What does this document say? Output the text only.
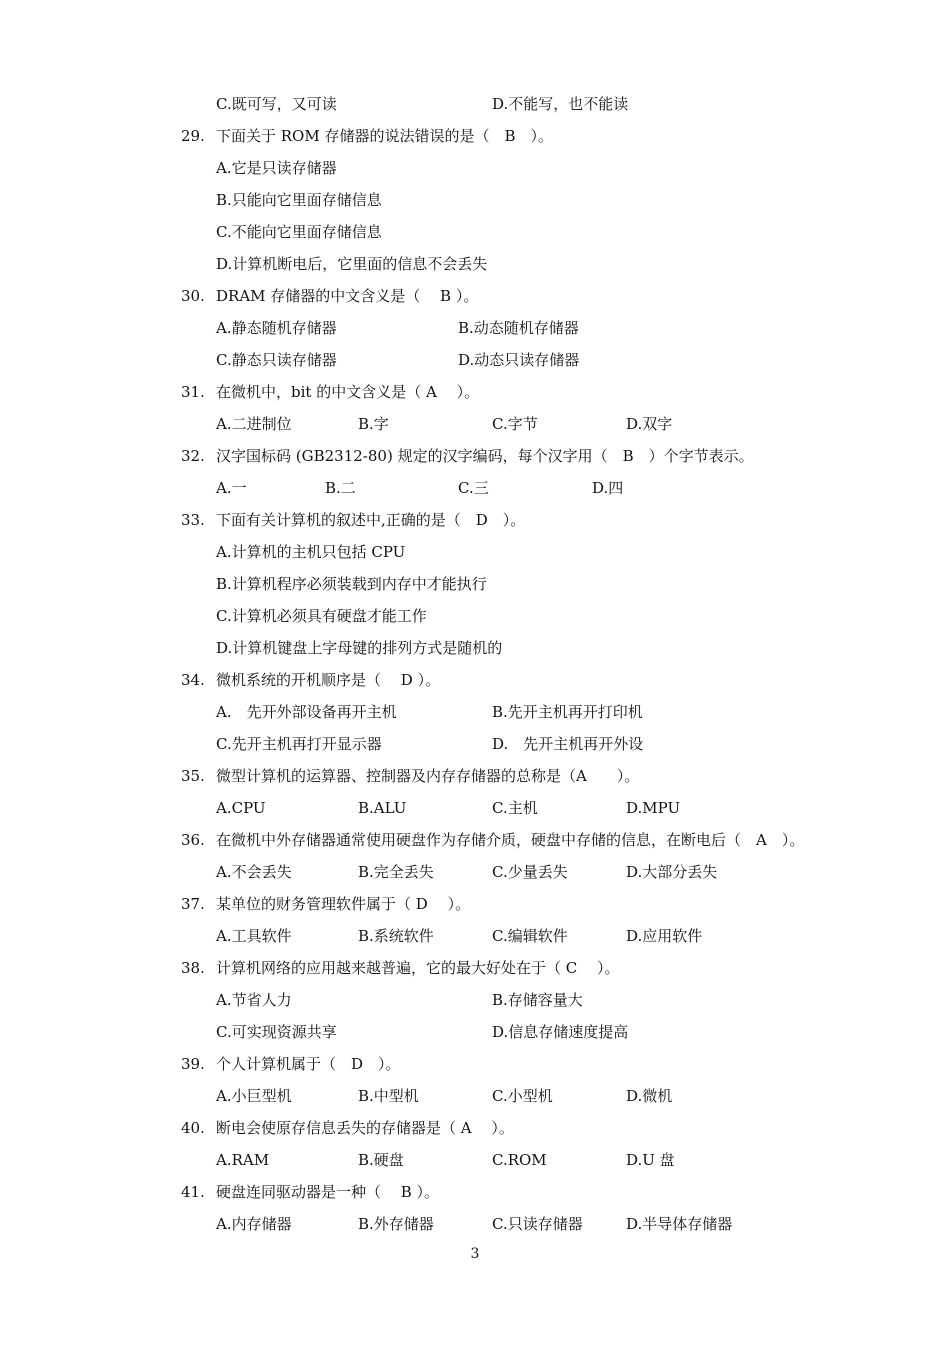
C.既可写，又可读	D.不能写，也不能读
29. 下面关于 ROM 存储器的说法错误的是（　B　）。
A.它是只读存储器
B.只能向它里面存储信息
C.不能向它里面存储信息
D.计算机断电后，它里面的信息不会丢失
30. DRAM 存储器的中文含义是（　 B ）。
A.静态随机存储器	B.动态随机存储器
C.静态只读存储器	D.动态只读存储器
31. 在微机中，bit 的中文含义是（ A　 ）。
A.二进制位	B.字	C.字节	D.双字
32. 汉字国标码 (GB2312-80) 规定的汉字编码，每个汉字用（　B　）个字节表示。
A.一	B.二	C.三	D.四
33. 下面有关计算机的叙述中,正确的是（　D　）。
A.计算机的主机只包括 CPU
B.计算机程序必须装载到内存中才能执行
C.计算机必须具有硬盘才能工作
D.计算机键盘上字母键的排列方式是随机的
34. 微机系统的开机顺序是（　 D ）。
A.　先开外部设备再开主机	B.先开主机再开打印机
C.先开主机再打开显示器	D.　先开主机再开外设
35. 微型计算机的运算器、控制器及内存存储器的总称是（A　　）。
A.CPU	B.ALU	C.主机	D.MPU
36. 在微机中外存储器通常使用硬盘作为存储介质，硬盘中存储的信息，在断电后（　A　）。
A.不会丢失	B.完全丢失	C.少量丢失	D.大部分丢失
37. 某单位的财务管理软件属于（ D　 ）。
A.工具软件	B.系统软件	C.编辑软件	D.应用软件
38. 计算机网络的应用越来越普遍，它的最大好处在于（ C　 ）。
A.节省人力	B.存储容量大
C.可实现资源共享	D.信息存储速度提高
39. 个人计算机属于（　D　）。
A.小巨型机	B.中型机	C.小型机	D.微机
40. 断电会使原存信息丢失的存储器是（ A　 ）。
A.RAM	B.硬盘	C.ROM	D.U 盘
41. 硬盘连同驱动器是一种（　 B ）。
A.内存储器	B.外存储器	C.只读存储器	D.半导体存储器
3
